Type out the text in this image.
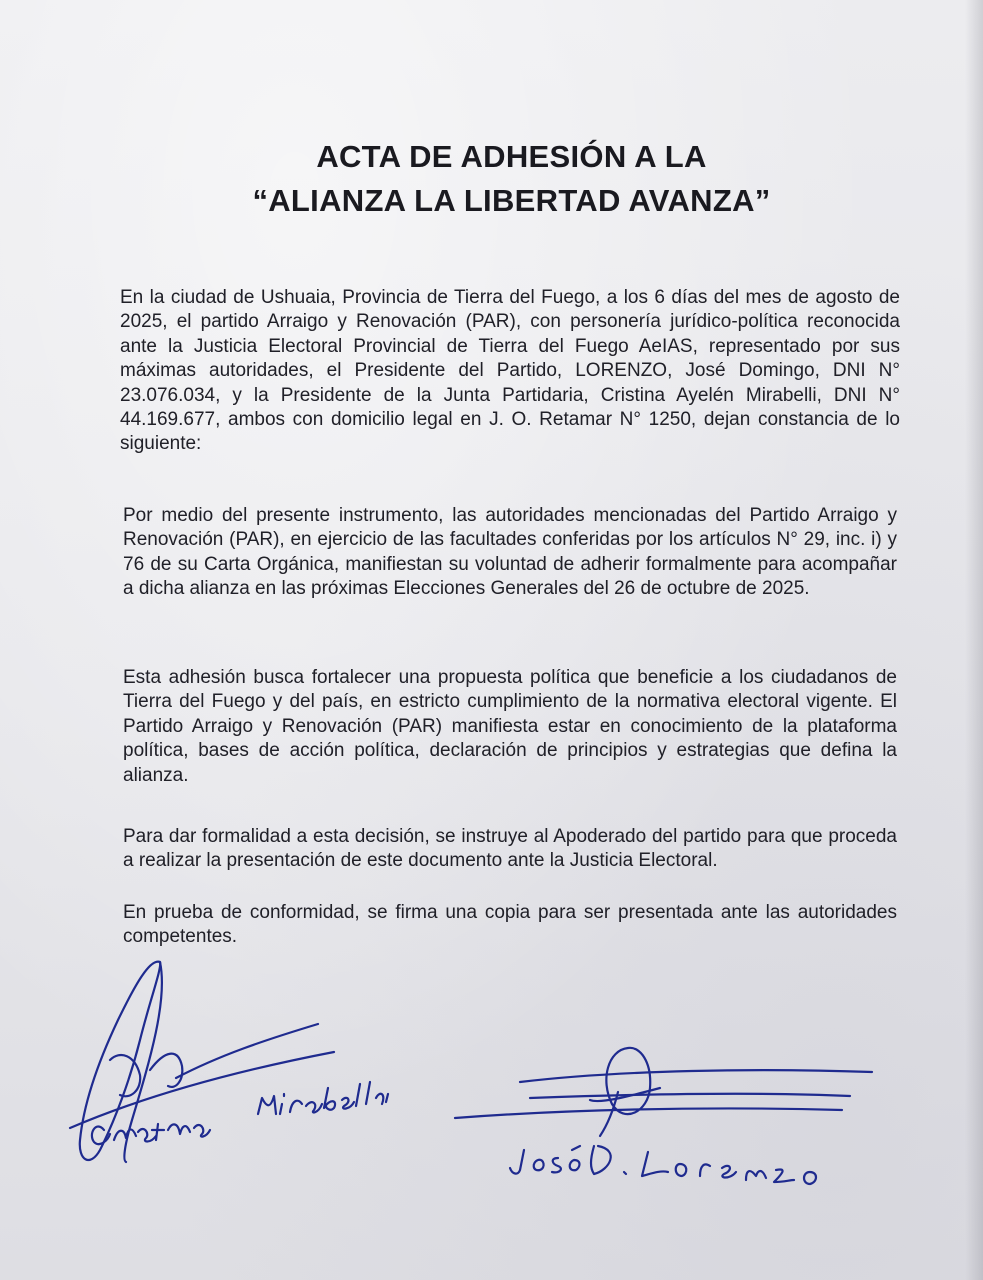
ACTA DE ADHESIÓN A LA
“ALIANZA LA LIBERTAD AVANZA”

En la ciudad de Ushuaia, Provincia de Tierra del Fuego, a los 6 días del mes de agosto de 2025, el partido Arraigo y Renovación (PAR), con personería jurídico-política reconocida ante la Justicia Electoral Provincial de Tierra del Fuego AeIAS, representado por sus máximas autoridades, el Presidente del Partido, LORENZO, José Domingo, DNI N° 23.076.034, y la Presidente de la Junta Partidaria, Cristina Ayelén Mirabelli, DNI N° 44.169.677, ambos con domicilio legal en J. O. Retamar N° 1250, dejan constancia de lo siguiente:

Por medio del presente instrumento, las autoridades mencionadas del Partido Arraigo y Renovación (PAR), en ejercicio de las facultades conferidas por los artículos N° 29, inc. i) y 76 de su Carta Orgánica, manifiestan su voluntad de adherir formalmente para acompañar a dicha alianza en las próximas Elecciones Generales del 26 de octubre de 2025.

Esta adhesión busca fortalecer una propuesta política que beneficie a los ciudadanos de Tierra del Fuego y del país, en estricto cumplimiento de la normativa electoral vigente. El Partido Arraigo y Renovación (PAR) manifiesta estar en conocimiento de la plataforma política, bases de acción política, declaración de principios y estrategias que defina la alianza.

Para dar formalidad a esta decisión, se instruye al Apoderado del partido para que proceda a realizar la presentación de este documento ante la Justicia Electoral.

En prueba de conformidad, se firma una copia para ser presentada ante las autoridades competentes.
